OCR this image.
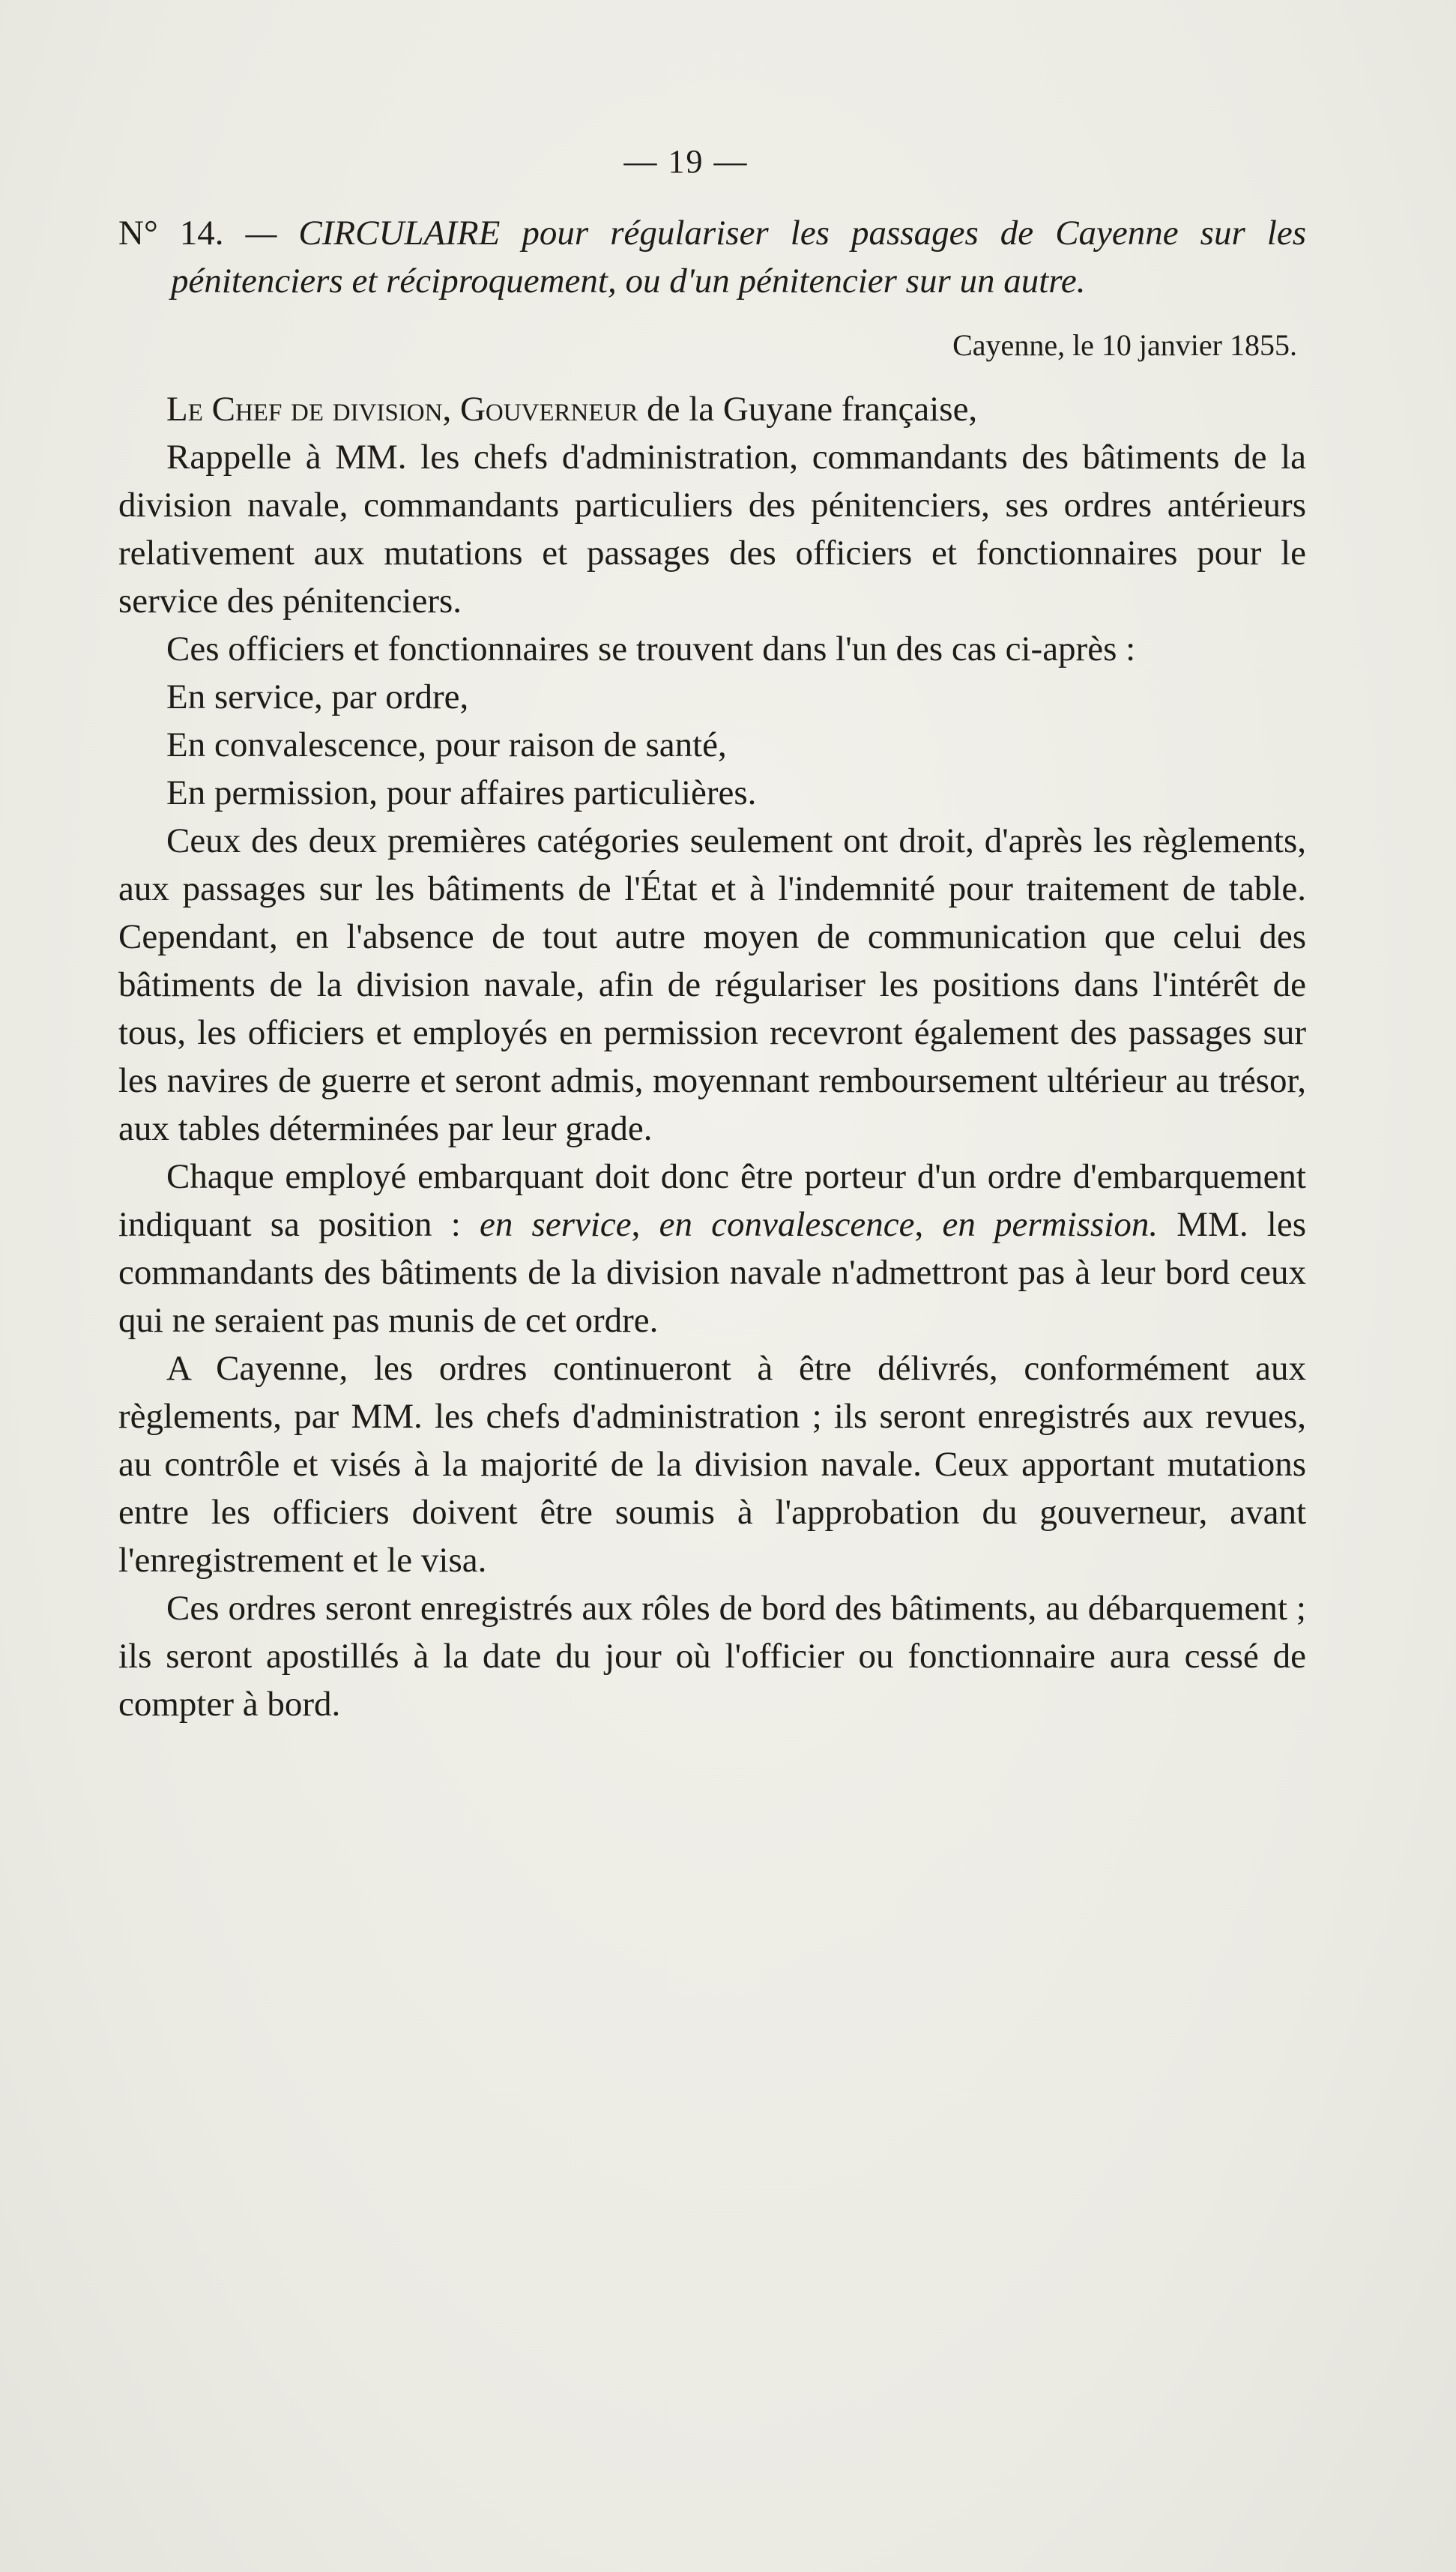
— 19 —

N° 14. — CIRCULAIRE pour régulariser les passages de Cayenne sur les pénitenciers et réciproquement, ou d'un pénitencier sur un autre.

Cayenne, le 10 janvier 1855.

Le Chef de division, Gouverneur de la Guyane française,

Rappelle à MM. les chefs d'administration, commandants des bâtiments de la division navale, commandants particuliers des pénitenciers, ses ordres antérieurs relativement aux mutations et passages des officiers et fonctionnaires pour le service des pénitenciers.

Ces officiers et fonctionnaires se trouvent dans l'un des cas ci-après :

En service, par ordre,

En convalescence, pour raison de santé,

En permission, pour affaires particulières.

Ceux des deux premières catégories seulement ont droit, d'après les règlements, aux passages sur les bâtiments de l'État et à l'indemnité pour traitement de table. Cependant, en l'absence de tout autre moyen de communication que celui des bâtiments de la division navale, afin de régulariser les positions dans l'intérêt de tous, les officiers et employés en permission recevront également des passages sur les navires de guerre et seront admis, moyennant remboursement ultérieur au trésor, aux tables déterminées par leur grade.

Chaque employé embarquant doit donc être porteur d'un ordre d'embarquement indiquant sa position : en service, en convalescence, en permission. MM. les commandants des bâtiments de la division navale n'admettront pas à leur bord ceux qui ne seraient pas munis de cet ordre.

A Cayenne, les ordres continueront à être délivrés, conformément aux règlements, par MM. les chefs d'administration ; ils seront enregistrés aux revues, au contrôle et visés à la majorité de la division navale. Ceux apportant mutations entre les officiers doivent être soumis à l'approbation du gouverneur, avant l'enregistrement et le visa.

Ces ordres seront enregistrés aux rôles de bord des bâtiments, au débarquement ; ils seront apostillés à la date du jour où l'officier ou fonctionnaire aura cessé de compter à bord.
